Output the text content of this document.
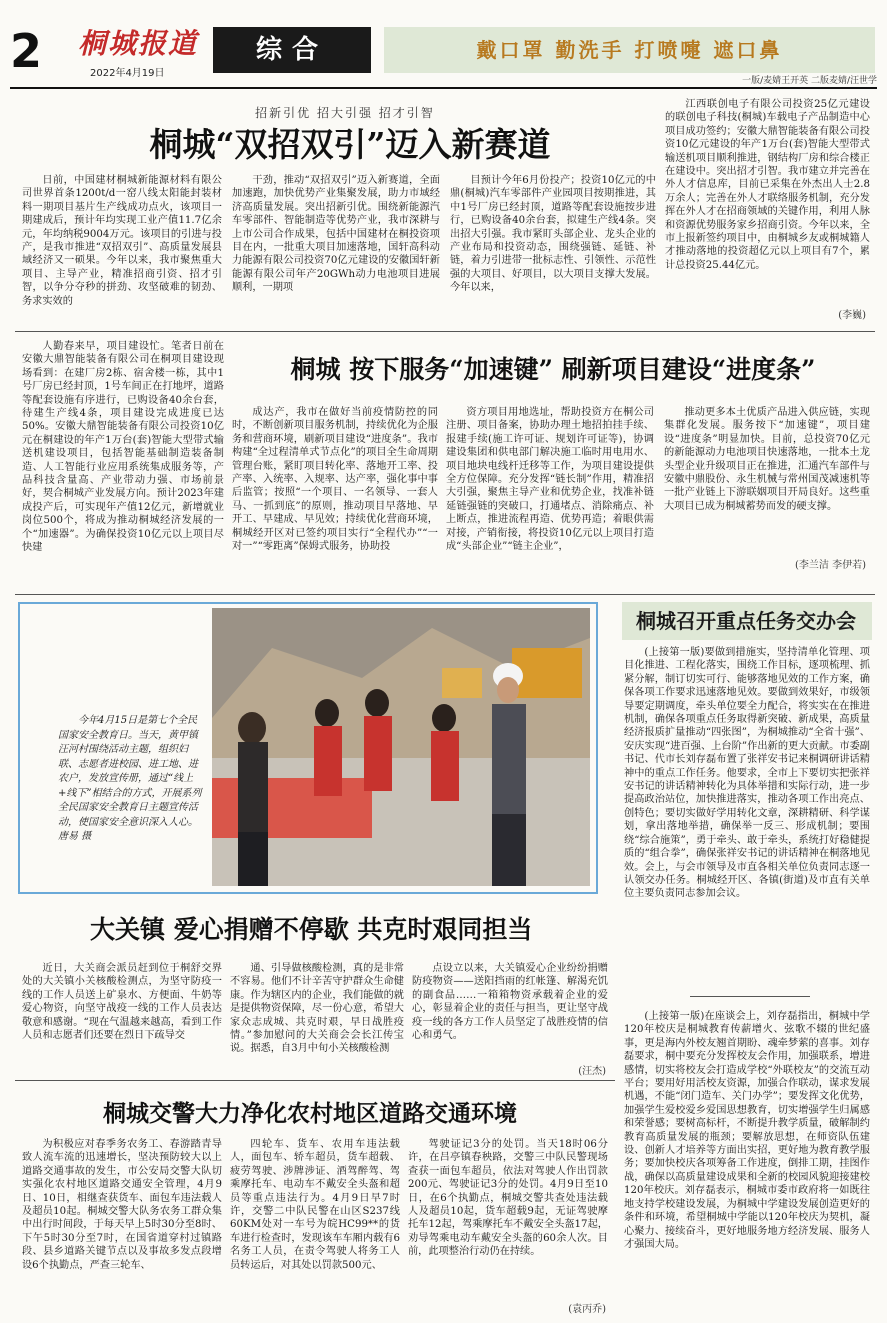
2	桐城报道
2022年4月19日
综合	戴口罩 勤洗手 打喷嚏 遮口鼻
一版/麦婧王开英 二版麦婧/汪世学
招新引优 招大引强 招才引智
桐城“双招双引”迈入新赛道
日前，中国建材桐城新能源材料有限公司世界首条1200t/d一窑八线太阳能封装材料一期项目基片生产线成功点火，该项目一期建成后，预计年均实现工业产值11.7亿余元，年均纳税9004万元。该项目的引进与投产，是我市推进“双招双引”、高质量发展县域经济又一硕果。今年以来，我市聚焦重大项目、主导产业，精准招商引资、招才引智，以争分夺秒的拼劲、攻坚破难的韧劲、务求实效的
干劲，推动“双招双引”迈入新赛道，全面加速跑，加快优势产业集聚发展，助力市域经济高质量发展。突出招新引优。围绕新能源汽车零部件、智能制造等优势产业，我市深耕与上市公司合作成果，包括中国建材在桐投资项目在内，一批重大项目加速落地，国轩高科动力能源有限公司投资70亿元建设的安徽国轩新能源有限公司年产20GWh动力电池项目进展顺利，一期项
目预计今年6月份投产；投资10亿元的中鼎(桐城)汽车零部件产业园项目按期推进，其中1号厂房已经封顶，道路等配套设施按步进行，已购设备40余台套，拟建生产线4条。突出招大引强。我市紧盯头部企业、龙头企业的产业布局和投资动态，围绕强链、延链、补链，着力引进带一批标志性、引领性、示范性强的大项目、好项目，以大项目支撑大发展。今年以来，
江西联创电子有限公司投资25亿元建设的联创电子科技(桐城)车载电子产品制造中心项目成功签约；安徽大鼎智能装备有限公司投资10亿元建设的年产1万台(套)智能大型带式输送机项目顺利推进，钢结构厂房和综合楼正在建设中。突出招才引智。我市建立并完善在外人才信息库，目前已采集在外杰出人士2.8万余人；完善在外人才联络服务机制，充分发挥在外人才在招商领域的关键作用，利用人脉和资源优势服务家乡招商引资。今年以来，全市上报新签约项目中，由桐城乡友或桐城籍人才推动落地的投资超亿元以上项目有7个，累计总投资25.44亿元。
(李巍)
桐城 按下服务“加速键” 刷新项目建设“进度条”
人勤春来早，项目建设忙。笔者日前在安徽大鼎智能装备有限公司在桐项目建设现场看到：在建厂房2栋、宿舍楼一栋，其中1号厂房已经封顶，1号车间正在打地坪，道路等配套设施有序进行，已购设备40余台套，待建生产线4条，项目建设完成进度已达50%。安徽大鼎智能装备有限公司投资10亿元在桐建设的年产1万台(套)智能大型带式输送机建设项目，包括智能基础制造装备制造、人工智能行业应用系统集成服务等，产品科技含量高、产业带动力强、市场前景好，契合桐城产业发展方向。预计2023年建成投产后，可实现年产值12亿元，新增就业岗位500个，将成为推动桐城经济发展的一个“加速器”。为确保投资10亿元以上项目尽快建
成达产，我市在做好当前疫情防控的同时，不断创新项目服务机制，持续优化为企服务和营商环境，刷新项目建设“进度条”。我市构建“全过程清单式节点化”的项目全生命周期管理台账，紧盯项目转化率、落地开工率、投产率、入统率、入规率、达产率，强化事中事后监管；按照“一个项目、一名领导、一套人马、一抓到底”的原则，推动项目早落地、早开工、早建成、早见效；持续优化营商环境，桐城经开区对已签约项目实行“全程代办”“一对一”“零距离”保姆式服务，协助投
资方项目用地选址，帮助投资方在桐公司注册、项目备案，协助办理土地招拍挂手续、报建手续(施工许可证、规划许可证等)，协调建设集团和供电部门解决施工临时用电用水、项目地块电线杆迁移等工作，为项目建设提供全方位保障。充分发挥“链长制”作用，精准招大引强，聚焦主导产业和优势企业，找准补链延链强链的突破口，打通堵点、消除痛点、补上断点，推进流程再造、优势再造；着眼供需对接，产销衔接，将投资10亿元以上项目打造成“头部企业”“链主企业”，
推动更多本土优质产品进入供应链，实现集群化发展。服务按下“加速键”，项目建设“进度条”明显加快。目前，总投资70亿元的新能源动力电池项目快速落地，一批本土龙头型企业升级项目正在推进，汇通汽车部件与安徽中鼎股份、永生机械与常州国茂减速机等一批产业链上下游联姻项目开局良好。这些重大项目已成为桐城蓄势而发的硬支撑。
(李兰洁 李伊若)
今年4月15日是第七个全民国家安全教育日。当天，黄甲镇汪河村围绕活动主题，组织妇联、志愿者进校园、进工地、进农户，发放宣传册，通过“线上+线下”相结合的方式，开展系列全民国家安全教育日主题宣传活动，使国家安全意识深入人心。 唐易 摄
大关镇 爱心捐赠不停歇 共克时艰同担当
近日，大关商会派员赶到位于桐舒交界处的大关镇小关核酸检测点，为坚守防疫一线的工作人员送上矿泉水、方便面、牛奶等爱心物资，向坚守战疫一线的工作人员表达敬意和感谢。“现在气温越来越高，看到工作人员和志愿者们还要在烈日下疏导交
通、引导做核酸检测，真的是非常不容易。他们不计辛苦守护群众生命健康。作为辖区内的企业，我们能做的就是提供物资保障，尽一份心意，希望大家众志成城、共克时艰，早日战胜疫情。”参加慰问的大关商会会长江传宝说。据悉，自3月中旬小关核酸检测
点设立以来，大关镇爱心企业纷纷捐赠防疫物资——送阳挡雨的红帐篷、解渴充饥的副食品……一箱箱物资承载着企业的爱心，彰显着企业的责任与担当，更让坚守战疫一线的各方工作人员坚定了战胜疫情的信心和勇气。
(汪杰)
桐城交警大力净化农村地区道路交通环境
为积极应对春季务农务工、春游踏青导致人流车流的迅速增长，坚决预防较大以上道路交通事故的发生，市公安局交警大队切实强化农村地区道路交通安全管理，4月9日、10日，相继查获货车、面包车违法载人及超员10起。桐城交警大队务农务工群众集中出行时间段，于每天早上5时30分至8时、下午5时30分至7时，在国省道穿村过镇路段、县乡道路关键节点以及事故多发点段增设6个执勤点，严查三轮车、
四轮车、货车、农用车违法载人，面包车、轿车超员，货车超载、疲劳驾驶、涉牌涉证、酒驾醉驾、驾乘摩托车、电动车不戴安全头盔和超员等重点违法行为。4月9日早7时许，交警二中队民警在山区S237线60KM处对一车号为皖HC99**的货车进行检查时，发现该车车厢内载有6名务工人员，在责令驾驶人将务工人员转运后，对其处以罚款500元、
驾驶证记3分的处罚。当天18时06分许，在吕亭镇春秧路，交警三中队民警现场查获一面包车超员，依法对驾驶人作出罚款200元、驾驶证记3分的处罚。4月9日至10日，在6个执勤点，桐城交警共查处违法载人及超员10起，货车超载9起，无证驾驶摩托车12起，驾乘摩托车不戴安全头盔17起，劝导驾乘电动车戴安全头盔的60余人次。目前，此项整治行动仍在持续。
(袁丙乔)
桐城召开重点任务交办会
(上接第一版)要做到措施实，坚持清单化管理、项目化推进、工程化落实，围绕工作目标，逐项梳理、抓紧分解，制订切实可行、能够落地见效的工作方案，确保各项工作要求迅速落地见效。要做到效果好，市级领导要定期调度，牵头单位要全力配合，将实实在在推进机制，确保各项重点任务取得新突破、新成果，高质量经济报质扩量推动“四张图”，为桐城推动“全省十强”、安庆实现“进百强、上台阶”作出新的更大贡献。市委副书记、代市长刘存磊布置了张祥安书记来桐调研讲话精神中的重点工作任务。他要求，全市上下要切实把张祥安书记的讲话精神转化为具体举措和实际行动，进一步提高政治站位，加快推进落实，推动各项工作出亮点、创特色；要切实做好学用转化文章，深耕精研、科学谋划，拿出落地举措，确保举一反三、形成机制；要围绕“综合施策”，勇于牵头、敢于牵头，系统打好稳健提质的“组合拳”，确保张祥安书记的讲话精神在桐落地见效。会上，与会市领导及市直各相关单位负责同志逐一认领交办任务。桐城经开区、各镇(街道)及市直有关单位主要负责同志参加会议。
(上接第一版)在座谈会上，刘存磊指出，桐城中学120年校庆是桐城教育传薪增火、弦歌不辍的世纪盛事，更是海内外校友翘首期盼、魂牵梦萦的喜事。刘存磊要求，桐中要充分发挥校友会作用，加强联系，增进感情，切实将校友会打造成学校“外联校友”的交流互动平台；要用好用活校友资源，加强合作联动，谋求发展机遇，不能“闭门造车、关门办学”；要发挥文化优势，加强学生爱校爱乡爱国思想教育，切实增强学生归属感和荣誉感；要树高标杆，不断提升教学质量，破解制约教育高质量发展的瓶颈；要解放思想，在师资队伍建设、创新人才培养等方面出实招，更好地为教育教学服务；要加快校庆各项筹备工作进度，倒排工期，挂图作战，确保以高质量建设成果和全新的校园风貌迎接建校120年校庆。刘存磊表示，桐城市委市政府将一如既往地支持学校建设发展，为桐城中学建设发展创造更好的条件和环境，希望桐城中学能以120年校庆为契机，凝心聚力、接续奋斗，更好地服务地方经济发展、服务人才强国大局。
